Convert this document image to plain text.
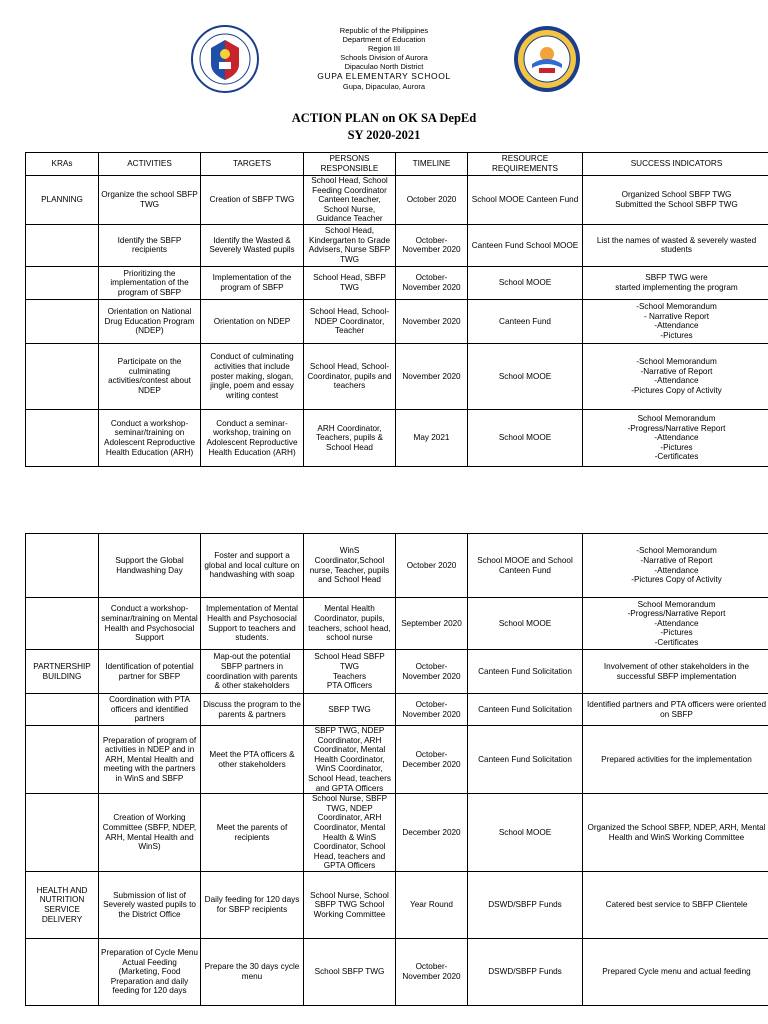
Republic of the Philippines
Department of Education
Region III
Schools Division of Aurora
Dipaculao North District
GUPA ELEMENTARY SCHOOL
Gupa, Dipaculao, Aurora
ACTION PLAN on OK SA DepEd
SY 2020-2021
KRAs	ACTIVITIES	TARGETS	PERSONS RESPONSIBLE	TIMELINE	RESOURCE REQUIREMENTS	SUCCESS INDICATORS
PLANNING	Organize the school SBFP TWG	Creation of SBFP TWG	School Head, School Feeding Coordinator Canteen teacher, School Nurse, Guidance Teacher	October 2020	School MOOE Canteen Fund	Organized School SBFP TWG
Submitted the School SBFP TWG
	Identify the SBFP recipients	Identify the Wasted & Severely Wasted pupils	School Head, Kindergarten to Grade Advisers, Nurse SBFP TWG	October-November 2020	Canteen Fund School MOOE	List the names of wasted & severely wasted students
	Prioritizing the implementation of the program of SBFP	Implementation of the program of SBFP	School Head, SBFP TWG	October-November 2020	School MOOE	SBFP TWG were
started implementing the program
	Orientation on National Drug Education Program (NDEP)	Orientation on NDEP	School Head, School-NDEP Coordinator, Teacher	November 2020	Canteen Fund	-School Memorandum
- Narrative Report
-Attendance
-Pictures
	Participate on the culminating activities/contest about NDEP	Conduct of culminating activities that include poster making, slogan, jingle, poem and essay writing contest	School Head, School-Coordinator, pupils and teachers	November 2020	School MOOE	-School Memorandum
-Narrative of Report
-Attendance
-Pictures Copy of Activity
	Conduct a workshop-seminar/training on Adolescent Reproductive Health Education (ARH)	Conduct a seminar-workshop, training on Adolescent Reproductive Health Education (ARH)	ARH Coordinator, Teachers, pupils & School Head	May 2021	School MOOE	School Memorandum
-Progress/Narrative Report
-Attendance
-Pictures
-Certificates
	Support the Global Handwashing Day	Foster and support a global and local culture on handwashing with soap	WinS Coordinator,School nurse, Teacher, pupils and School Head	October 2020	School MOOE and School Canteen Fund	-School Memorandum
-Narrative of Report
-Attendance
-Pictures Copy of Activity
	Conduct a workshop-seminar/training on Mental Health and Psychosocial Support	Implementation of Mental Health and Psychosocial Support to teachers and students.	Mental Health Coordinator, pupils, teachers, school head, school nurse	September 2020	School MOOE	School Memorandum
-Progress/Narrative Report
-Attendance
-Pictures
-Certificates
PARTNERSHIP BUILDING	Identification of potential partner for SBFP	Map-out the potential SBFP partners in coordination with parents & other stakeholders	School Head SBFP TWG
Teachers
PTA Officers	October-November 2020	Canteen Fund Solicitation	Involvement of other stakeholders in the successful SBFP implementation
	Coordination with PTA officers and identified partners	Discuss the program to the parents & partners	SBFP TWG	October-November 2020	Canteen Fund Solicitation	Identified partners and PTA officers were oriented on SBFP
	Preparation of program of activities in NDEP and in ARH, Mental Health and meeting with the partners in WinS and SBFP	Meet the PTA officers & other stakeholders	SBFP TWG, NDEP Coordinator, ARH Coordinator, Mental Health Coordinator, WinS Coordinator, School Head, teachers and GPTA Officers	October-December 2020	Canteen Fund Solicitation	Prepared activities for the implementation
	Creation of Working Committee (SBFP, NDEP, ARH, Mental Health and WinS)	Meet the parents of recipients	School Nurse, SBFP TWG, NDEP Coordinator, ARH Coordinator, Mental Health & WinS Coordinator, School Head, teachers and GPTA Officers	December 2020	School MOOE	Organized the School SBFP, NDEP, ARH, Mental Health and WinS Working Committee
HEALTH AND NUTRITION SERVICE DELIVERY	Submission of list of Severely wasted pupils to the District Office	Daily feeding for 120 days for SBFP recipients	School Nurse, School SBFP TWG School Working Committee	Year Round	DSWD/SBFP Funds	Catered best service to SBFP Clientele
	Preparation of Cycle Menu
Actual Feeding (Marketing, Food Preparation and daily feeding for 120 days	Prepare the 30 days cycle menu	School SBFP TWG	October-November 2020	DSWD/SBFP Funds	Prepared Cycle menu and actual feeding
